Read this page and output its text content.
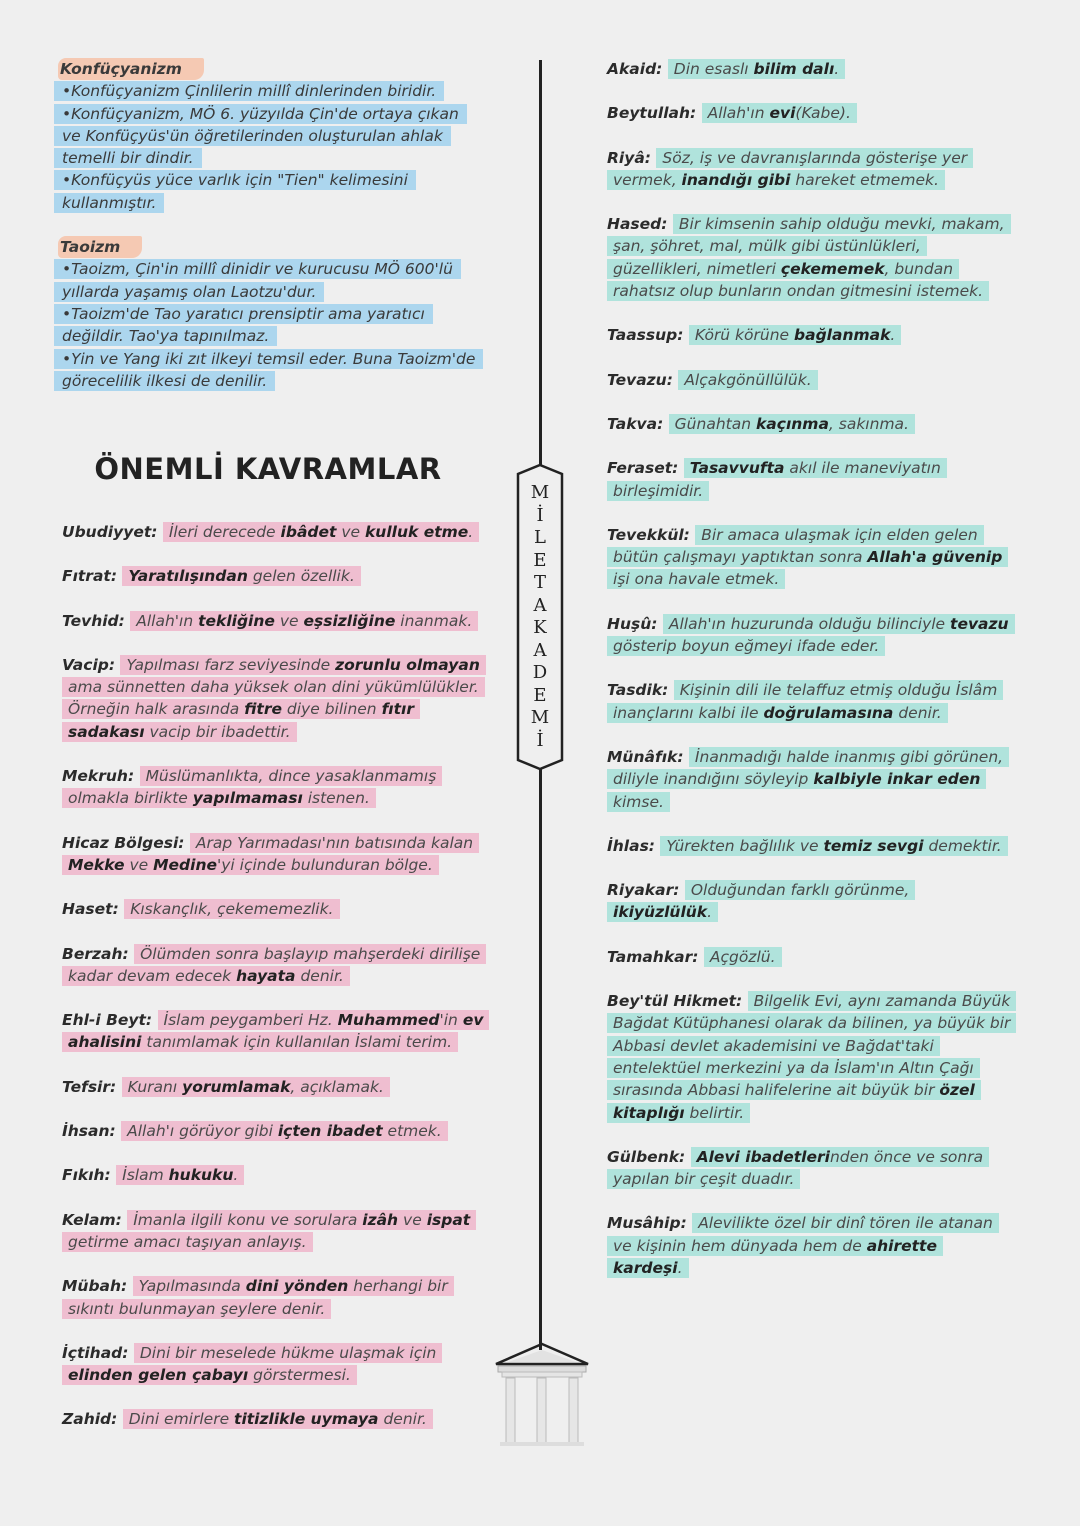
Konfüçyanizm
•Konfüçyanizm Çinlilerin millî dinlerinden biridir.
•Konfüçyanizm, MÖ 6. yüzyılda Çin'de ortaya çıkan ve Konfüçyüs'ün öğretilerinden oluşturulan ahlak temelli bir dindir.
•Konfüçyüs yüce varlık için "Tien" kelimesini kullanmıştır.
Taoizm
•Taoizm, Çin'in millî dinidir ve kurucusu MÖ 600'lü yıllarda yaşamış olan Laotzu'dur.
•Taoizm'de Tao yaratıcı prensiptir ama yaratıcı değildir. Tao'ya tapınılmaz.
•Yin ve Yang iki zıt ilkeyi temsil eder. Buna Taoizm'de görecelilik ilkesi de denilir.
ÖNEMLİ KAVRAMLAR
Ubudiyyet: İleri derecede ibâdet ve kulluk etme.
Fıtrat: Yaratılışından gelen özellik.
Tevhid: Allah'ın tekliğine ve eşsizliğine inanmak.
Vacip: Yapılması farz seviyesinde zorunlu olmayan ama sünnetten daha yüksek olan dini yükümlülükler. Örneğin halk arasında fitre diye bilinen fıtır sadakası vacip bir ibadettir.
Mekruh: Müslümanlıkta, dince yasaklanmamış olmakla birlikte yapılmaması istenen.
Hicaz Bölgesi: Arap Yarımadası'nın batısında kalan Mekke ve Medine'yi içinde bulunduran bölge.
Haset: Kıskançlık, çekememezlik.
Berzah: Ölümden sonra başlayıp mahşerdeki dirilişe kadar devam edecek hayata denir.
Ehl-i Beyt: İslam peygamberi Hz. Muhammed'in ev ahalisini tanımlamak için kullanılan İslami terim.
Tefsir: Kuranı yorumlamak, açıklamak.
İhsan: Allah'ı görüyor gibi içten ibadet etmek.
Fıkıh: İslam hukuku.
Kelam: İmanla ilgili konu ve sorulara izâh ve ispat getirme amacı taşıyan anlayış.
Mübah: Yapılmasında dini yönden herhangi bir sıkıntı bulunmayan şeylere denir.
İçtihad: Dini bir meselede hükme ulaşmak için elinden gelen çabayı görstermesi.
Zahid: Dini emirlere titizlikle uymaya denir.
Akaid: Din esaslı bilim dalı.
Beytullah: Allah'ın evi(Kabe).
Riyâ: Söz, iş ve davranışlarında gösterişe yer vermek, inandığı gibi hareket etmemek.
Hased: Bir kimsenin sahip olduğu mevki, makam, şan, şöhret, mal, mülk gibi üstünlükleri, güzellikleri, nimetleri çekememek, bundan rahatsız olup bunların ondan gitmesini istemek.
Taassup: Körü körüne bağlanmak.
Tevazu: Alçakgönüllülük.
Takva: Günahtan kaçınma, sakınma.
Feraset: Tasavvufta akıl ile maneviyatın birleşimidir.
Tevekkül: Bir amaca ulaşmak için elden gelen bütün çalışmayı yaptıktan sonra Allah'a güvenip işi ona havale etmek.
Huşû: Allah'ın huzurunda olduğu bilinciyle tevazu gösterip boyun eğmeyi ifade eder.
Tasdik: Kişinin dili ile telaffuz etmiş olduğu İslâm inançlarını kalbi ile doğrulamasına denir.
Münâfık: İnanmadığı halde inanmış gibi görünen, diliyle inandığını söyleyip kalbiyle inkar eden kimse.
İhlas: Yürekten bağlılık ve temiz sevgi demektir.
Riyakar: Olduğundan farklı görünme, ikiyüzlülük.
Tamahkar: Açgözlü.
Bey'tül Hikmet: Bilgelik Evi, aynı zamanda Büyük Bağdat Kütüphanesi olarak da bilinen, ya büyük bir Abbasi devlet akademisini ve Bağdat'taki entelektüel merkezini ya da İslam'ın Altın Çağı sırasında Abbasi halifelerine ait büyük bir özel kitaplığı belirtir.
Gülbenk: Alevi ibadetlerinden önce ve sonra yapılan bir çeşit duadır.
Musâhip: Alevilikte özel bir dinî tören ile atanan ve kişinin hem dünyada hem de ahirette kardeşi.
M
İ
L
E
T
A
K
A
D
E
M
İ
